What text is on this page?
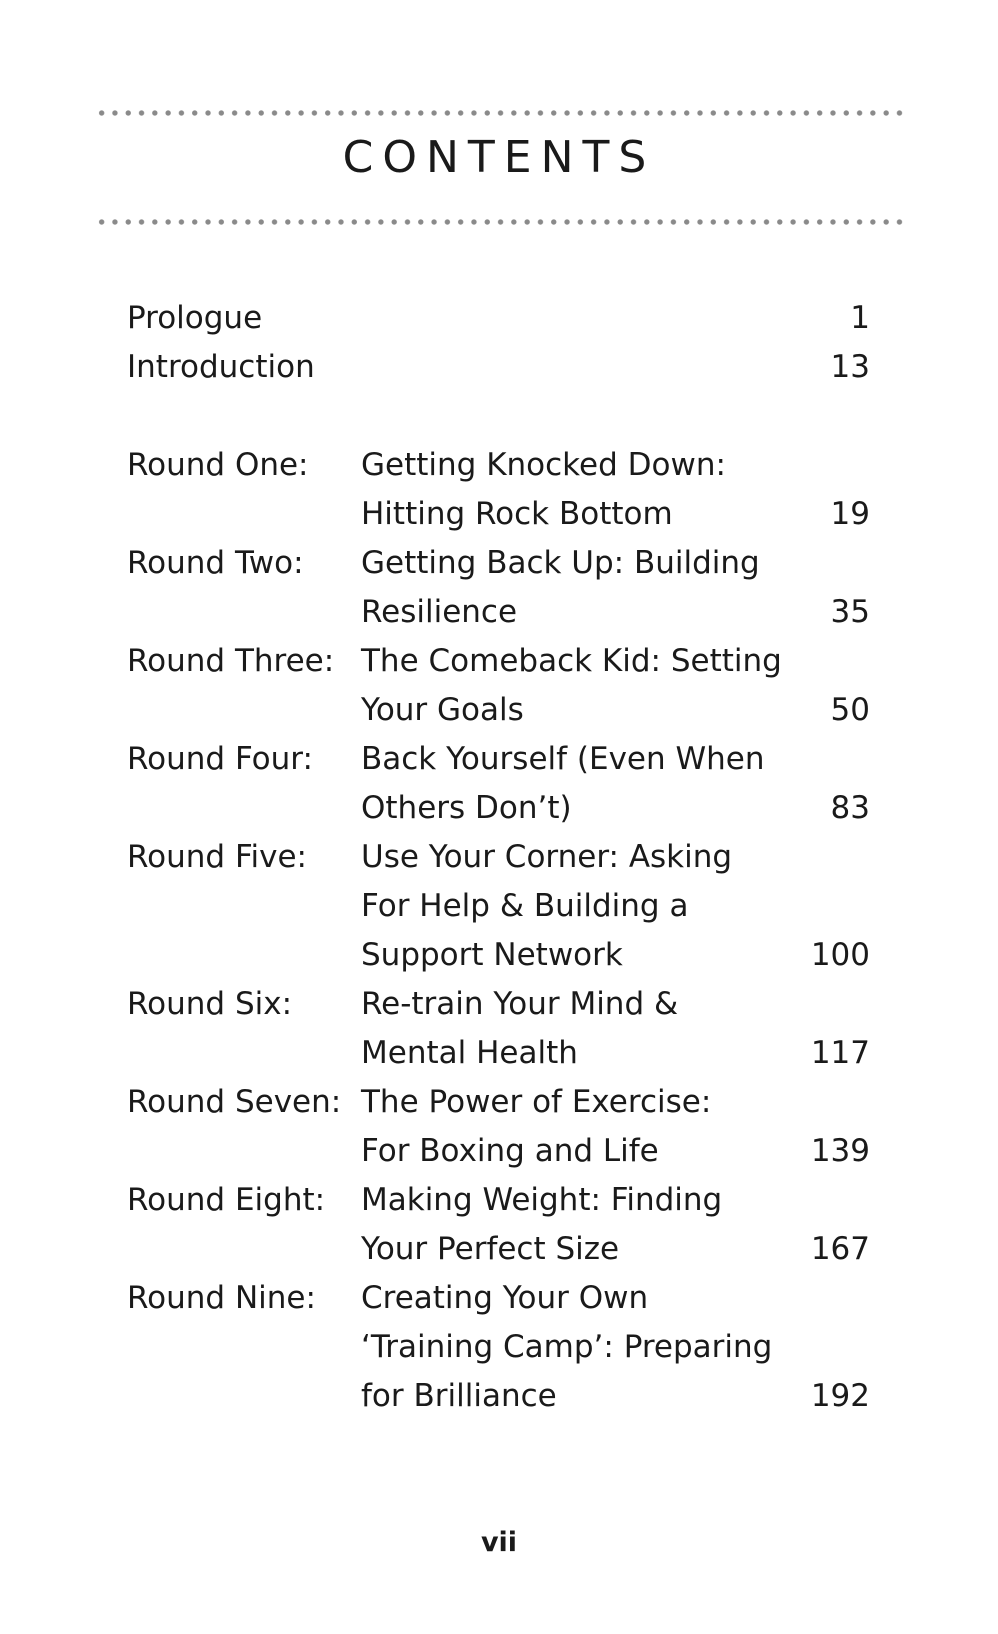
CONTENTS
Prologue	1
Introduction	13
Round One: Getting Knocked Down:
Hitting Rock Bottom	19
Round Two: Getting Back Up: Building
Resilience	35
Round Three: The Comeback Kid: Setting
Your Goals	50
Round Four: Back Yourself (Even When
Others Don’t)	83
Round Five: Use Your Corner: Asking
For Help & Building a
Support Network	100
Round Six: Re-train Your Mind &
Mental Health	117
Round Seven: The Power of Exercise:
For Boxing and Life	139
Round Eight: Making Weight: Finding
Your Perfect Size	167
Round Nine: Creating Your Own
‘Training Camp’: Preparing
for Brilliance	192
vii
